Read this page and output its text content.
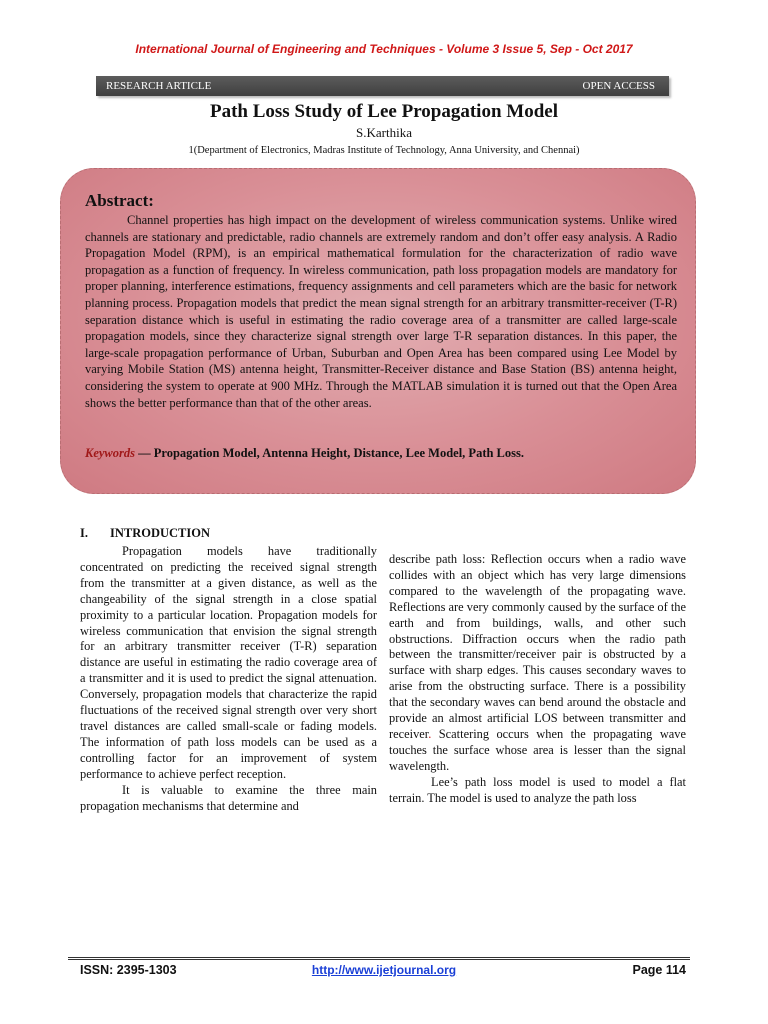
International Journal of Engineering and Techniques - Volume 3 Issue 5, Sep - Oct 2017
RESEARCH ARTICLE	OPEN ACCESS
Path Loss Study of Lee Propagation Model
S.Karthika
1(Department of Electronics, Madras Institute of Technology, Anna University, and Chennai)
Abstract:

Channel properties has high impact on the development of wireless communication systems. Unlike wired channels are stationary and predictable, radio channels are extremely random and don’t offer easy analysis. A Radio Propagation Model (RPM), is an empirical mathematical formulation for the characterization of radio wave propagation as a function of frequency. In wireless communication, path loss propagation models are mandatory for proper planning, interference estimations, frequency assignments and cell parameters which are the basic for network planning process. Propagation models that predict the mean signal strength for an arbitrary transmitter-receiver (T-R) separation distance which is useful in estimating the radio coverage area of a transmitter are called large-scale propagation models, since they characterize signal strength over large T-R separation distances. In this paper, the large-scale propagation performance of Urban, Suburban and Open Area has been compared using Lee Model by varying Mobile Station (MS) antenna height, Transmitter-Receiver distance and Base Station (BS) antenna height, considering the system to operate at 900 MHz. Through the MATLAB simulation it is turned out that the Open Area shows the better performance than that of the other areas.

Keywords — Propagation Model, Antenna Height, Distance, Lee Model, Path Loss.

I. INTRODUCTION

Propagation models have traditionally concentrated on predicting the received signal strength from the transmitter at a given distance, as well as the changeability of the signal strength in a close spatial proximity to a particular location. Propagation models for wireless communication that envision the signal strength for an arbitrary transmitter receiver (T-R) separation distance are useful in estimating the radio coverage area of a transmitter and it is used to predict the signal attenuation. Conversely, propagation models that characterize the rapid fluctuations of the received signal strength over very short travel distances are called small-scale or fading models. The information of path loss models can be used as a controlling factor for an improvement of system performance to achieve perfect reception.

It is valuable to examine the three main propagation mechanisms that determine and

describe path loss: Reflection occurs when a radio wave collides with an object which has very large dimensions compared to the wavelength of the propagating wave. Reflections are very commonly caused by the surface of the earth and from buildings, walls, and other such obstructions. Diffraction occurs when the radio path between the transmitter/receiver pair is obstructed by a surface with sharp edges. This causes secondary waves to arise from the obstructing surface. There is a possibility that the secondary waves can bend around the obstacle and provide an almost artificial LOS between transmitter and receiver. Scattering occurs when the propagating wave touches the surface whose area is lesser than the signal wavelength.

Lee’s path loss model is used to model a flat terrain. The model is used to analyze the path loss

ISSN: 2395-1303	http://www.ijetjournal.org	Page 114
